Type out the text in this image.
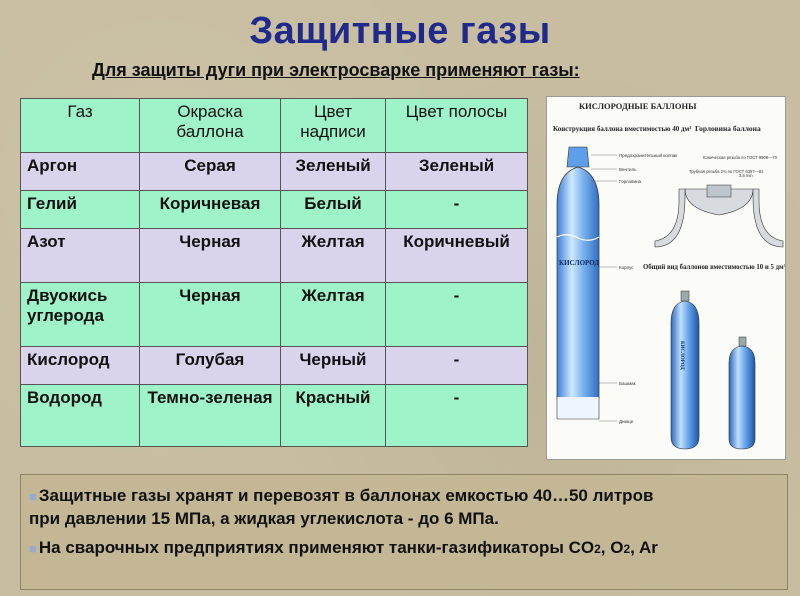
Защитные газы
Для защиты дуги при электросварке применяют газы:
Газ	Окраска баллона	Цвет надписи	Цвет полосы
Аргон	Серая	Зеленый	Зеленый
Гелий	Коричневая	Белый	-
Азот	Черная	Желтая	Коричневый
Двуокись углерода	Черная	Желтая	-
Кислород	Голубая	Черный	-
Водород	Темно-зеленая	Красный	-
КИСЛОРОДНЫЕ БАЛЛОНЫ
Конструкция баллона вместимостью 40 дм³ Горловина баллона
КИСЛОРОД
Предохранительный колпак
Вентиль
Горловина
Корпус
Башмак
Днище
Коническая резьба по ГОСТ 9909—70
Трубная резьба 2¾ по ГОСТ 6357—81
3,5 min
Общий вид баллонов вместимостью 10 и 5 дм³
КИСЛОРОД
■ Защитные газы хранят и перевозят в баллонах емкостью 40…50 литров
при давлении 15 МПа, а жидкая углекислота - до 6 МПа.
■ На сварочных предприятиях применяют танки-газификаторы CO2, O2, Ar
